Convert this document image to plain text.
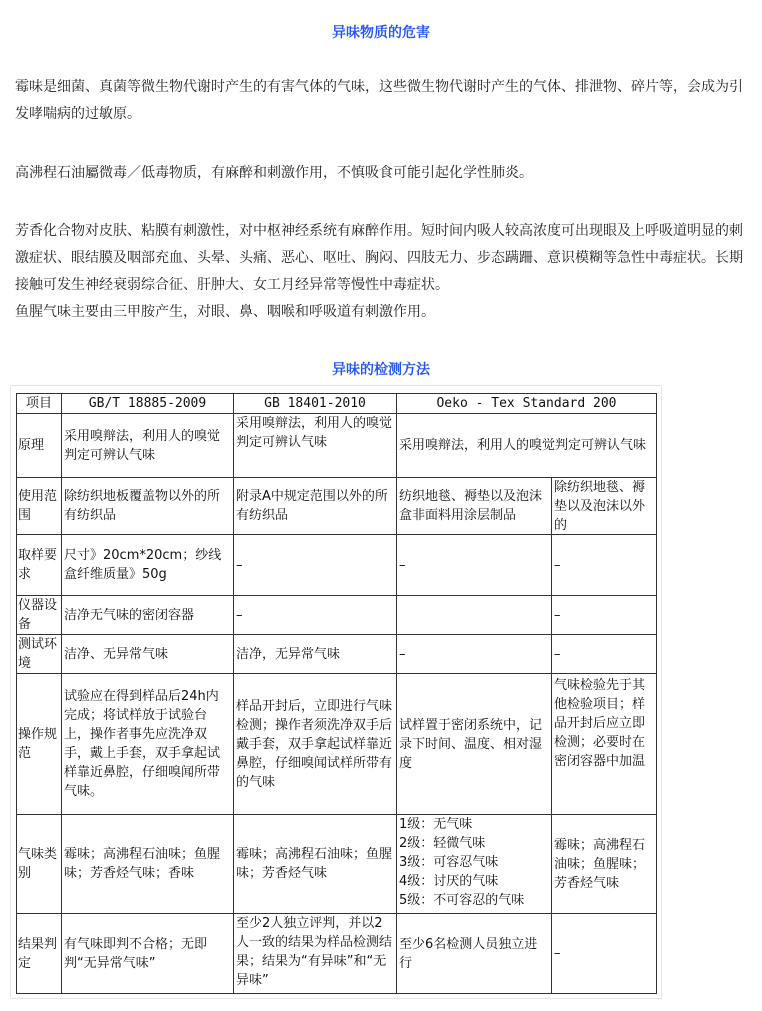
异味物质的危害
霉味是细菌、真菌等微生物代谢时产生的有害气体的气味，这些微生物代谢时产生的气体、排泄物、碎片等，会成为引发哮喘病的过敏原。
高沸程石油屬微毒／低毒物质，有麻醉和刺激作用，不慎吸食可能引起化学性肺炎。
芳香化合物对皮肤、粘膜有刺激性，对中枢神经系统有麻醉作用。短时间内吸人较高浓度可出现眼及上呼吸道明显的刺激症状、眼结膜及咽部充血、头晕、头痛、恶心、呕吐、胸闷、四肢无力、步态蹒跚、意识模糊等急性中毒症状。长期接触可发生神经衰弱综合征、肝肿大、女工月经异常等慢性中毒症状。
鱼腥气味主要由三甲胺产生，对眼、鼻、咽喉和呼吸道有刺激作用。
异味的检测方法
项目	GB/T 18885-2009	GB 18401-2010	Oeko - Tex Standard 200	
原理	采用嗅辩法，利用人的嗅觉判定可辨认气味	采用嗅辩法，利用人的嗅觉判定可辨认气味	采用嗅辩法，利用人的嗅觉判定可辨认气味	
使用范围	除纺织地板覆盖物以外的所有纺织品	附录A中规定范围以外的所有纺织品	纺织地毯、褥垫以及泡沫盒非面料用涂层制品	除纺织地毯、褥垫以及泡沫以外的

取样要求	尺寸》20cm*20cm；纱线盒纤维质量》50g	–	–	–
仪器设备	洁净无气味的密闭容器	–		–
测试环境	洁净、无异常气味	洁净，无异常气味	–	–
操作规范	试验应在得到样品后24h内完成；将试样放于试验台上，操作者事先应洗净双手，戴上手套，双手拿起试样靠近鼻腔，仔细嗅闻所带气味。	样品开封后，立即进行气味检测；操作者须洗净双手后戴手套，双手拿起试样靠近鼻腔，仔细嗅闻试样所带有的气味	试样置于密闭系统中，记录下时间、温度、相对湿度	气味检验先于其他检验项目；样品开封后应立即检测；必要时在密闭容器中加温

气味类别	霉味；高沸程石油味；鱼腥味；芳香烃气味；香味	霉味；高沸程石油味；鱼腥味；芳香烃气味	1级：无气味
2级：轻微气味
3级：可容忍气味
4级：讨厌的气味
5级：不可容忍的气味	霉味；高沸程石油味；鱼腥味；芳香烃气味
结果判定	有气味即判不合格；无即判“无异常气味”	至少2人独立评判，并以2人一致的结果为样品检测结果；结果为“有异味”和“无异味”	至少6名检测人员独立进行	–
